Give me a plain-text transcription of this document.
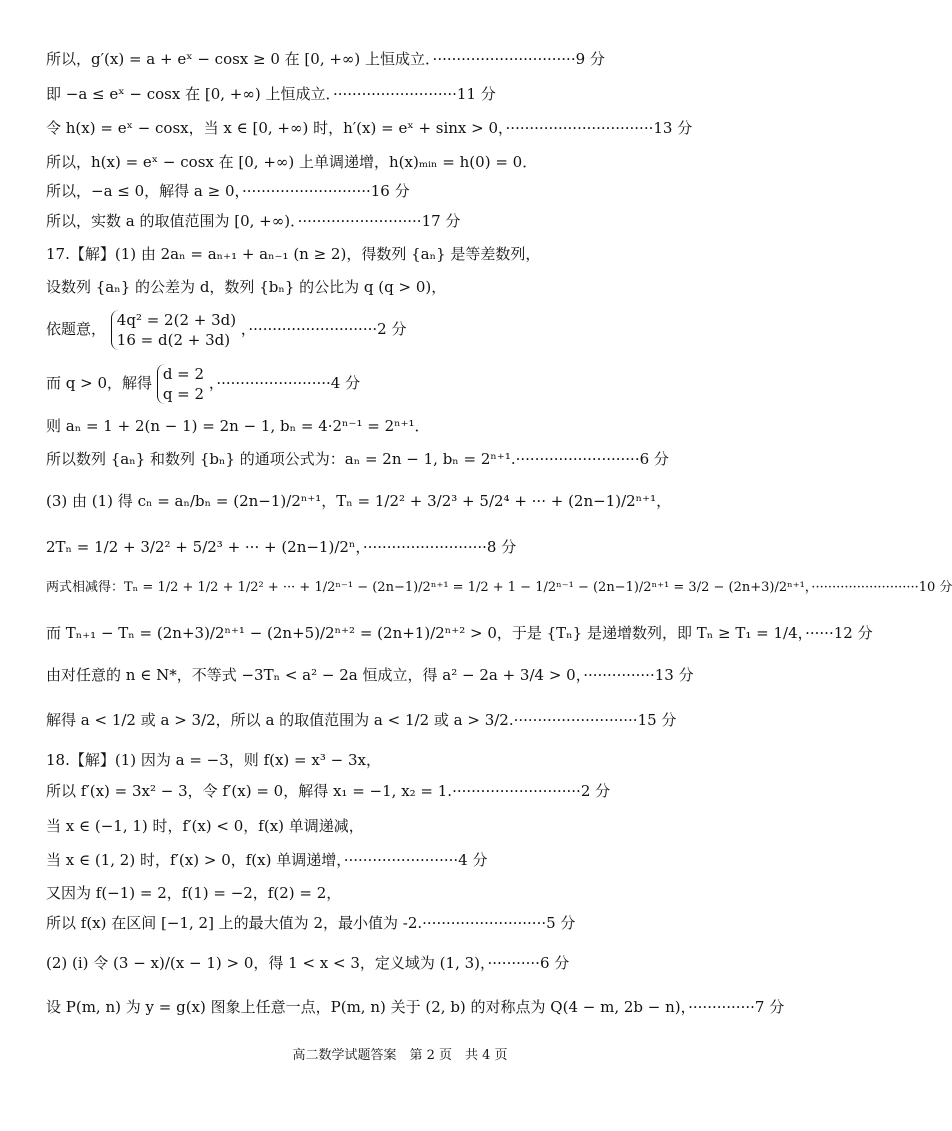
所以，g′(x) = a + eˣ − cosx ≥ 0 在 [0, +∞) 上恒成立．······························9 分
即 −a ≤ eˣ − cosx 在 [0, +∞) 上恒成立．··························11 分
令 h(x) = eˣ − cosx，当 x ∈ [0, +∞) 时，h′(x) = eˣ + sinx > 0，·······························13 分
所以，h(x) = eˣ − cosx 在 [0, +∞) 上单调递增，h(x)ₘᵢₙ = h(0) = 0．
所以，−a ≤ 0，解得 a ≥ 0，···························16 分
所以，实数 a 的取值范围为 [0, +∞)．··························17 分
17.【解】(1) 由 2aₙ = aₙ₊₁ + aₙ₋₁ (n ≥ 2)，得数列 {aₙ} 是等差数列，
设数列 {aₙ} 的公差为 d，数列 {bₙ} 的公比为 q (q > 0)，
依题意， 4q² = 2(2 + 3d)
16 = d(2 + 3d)
，···························2 分
而 q > 0，解得 d = 2
q = 2
，························4 分
则 aₙ = 1 + 2(n − 1) = 2n − 1, bₙ = 4·2ⁿ⁻¹ = 2ⁿ⁺¹．
所以数列 {aₙ} 和数列 {bₙ} 的通项公式为：aₙ = 2n − 1, bₙ = 2ⁿ⁺¹.··························6 分
(3) 由 (1) 得 cₙ = aₙ/bₙ = (2n−1)/2ⁿ⁺¹，Tₙ = 1/2² + 3/2³ + 5/2⁴ + ··· + (2n−1)/2ⁿ⁺¹，
2Tₙ = 1/2 + 3/2² + 5/2³ + ··· + (2n−1)/2ⁿ，··························8 分
两式相减得：Tₙ = 1/2 + 1/2 + 1/2² + ··· + 1/2ⁿ⁻¹ − (2n−1)/2ⁿ⁺¹ = 1/2 + 1 − 1/2ⁿ⁻¹ − (2n−1)/2ⁿ⁺¹ = 3/2 − (2n+3)/2ⁿ⁺¹，··························10 分
而 Tₙ₊₁ − Tₙ = (2n+3)/2ⁿ⁺¹ − (2n+5)/2ⁿ⁺² = (2n+1)/2ⁿ⁺² > 0，于是 {Tₙ} 是递增数列，即 Tₙ ≥ T₁ = 1/4，······12 分
由对任意的 n ∈ N*，不等式 −3Tₙ < a² − 2a 恒成立，得 a² − 2a + 3/4 > 0，···············13 分
解得 a < 1/2 或 a > 3/2，所以 a 的取值范围为 a < 1/2 或 a > 3/2.··························15 分
18.【解】(1) 因为 a = −3，则 f(x) = x³ − 3x，
所以 f′(x) = 3x² − 3，令 f′(x) = 0，解得 x₁ = −1, x₂ = 1.···························2 分
当 x ∈ (−1, 1) 时，f′(x) < 0，f(x) 单调递减，
当 x ∈ (1, 2) 时，f′(x) > 0，f(x) 单调递增，························4 分
又因为 f(−1) = 2，f(1) = −2，f(2) = 2，
所以 f(x) 在区间 [−1, 2] 上的最大值为 2，最小值为 -2.··························5 分
(2) (ⅰ) 令 (3 − x)/(x − 1) > 0，得 1 < x < 3，定义域为 (1, 3)，···········6 分
设 P(m, n) 为 y = g(x) 图象上任意一点，P(m, n) 关于 (2, b) 的对称点为 Q(4 − m, 2b − n)，··············7 分
高二数学试题答案　第 2 页　共 4 页
